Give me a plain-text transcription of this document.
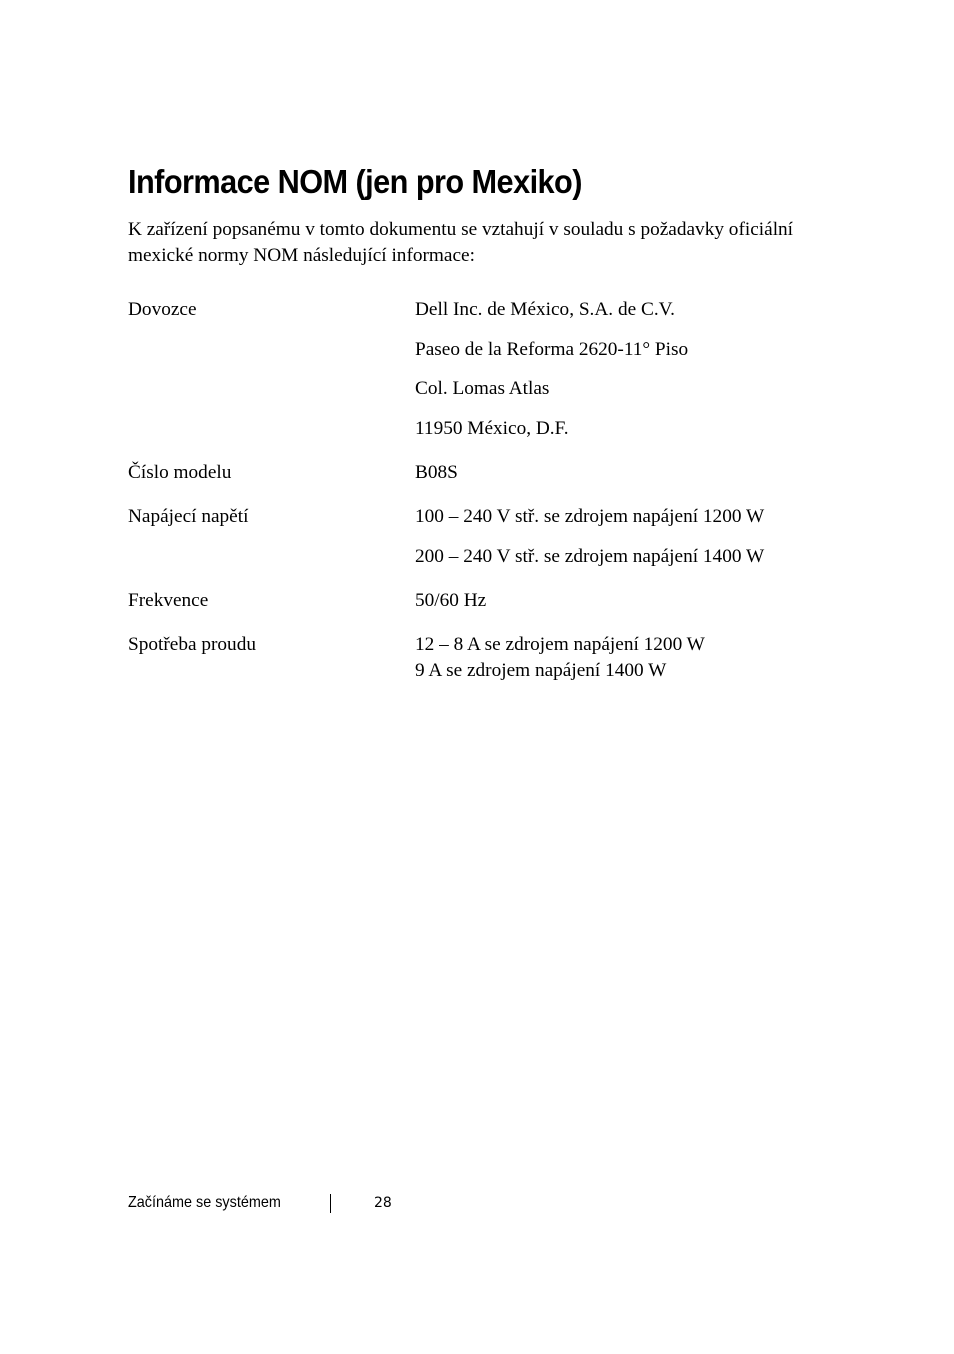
Informace NOM (jen pro Mexiko)

K zařízení popsanému v tomto dokumentu se vztahují v souladu s požadavky oficiální mexické normy NOM následující informace:

Dovozce	Dell Inc. de México, S.A. de C.V.
Paseo de la Reforma 2620-11° Piso
Col. Lomas Atlas
11950 México, D.F.
Číslo modelu	B08S
Napájecí napětí	100 – 240 V stř. se zdrojem napájení 1200 W
200 – 240 V stř. se zdrojem napájení 1400 W
Frekvence	50/60 Hz
Spotřeba proudu	12 – 8 A se zdrojem napájení 1200 W
9 A se zdrojem napájení 1400 W
Začínáme se systémem	28
